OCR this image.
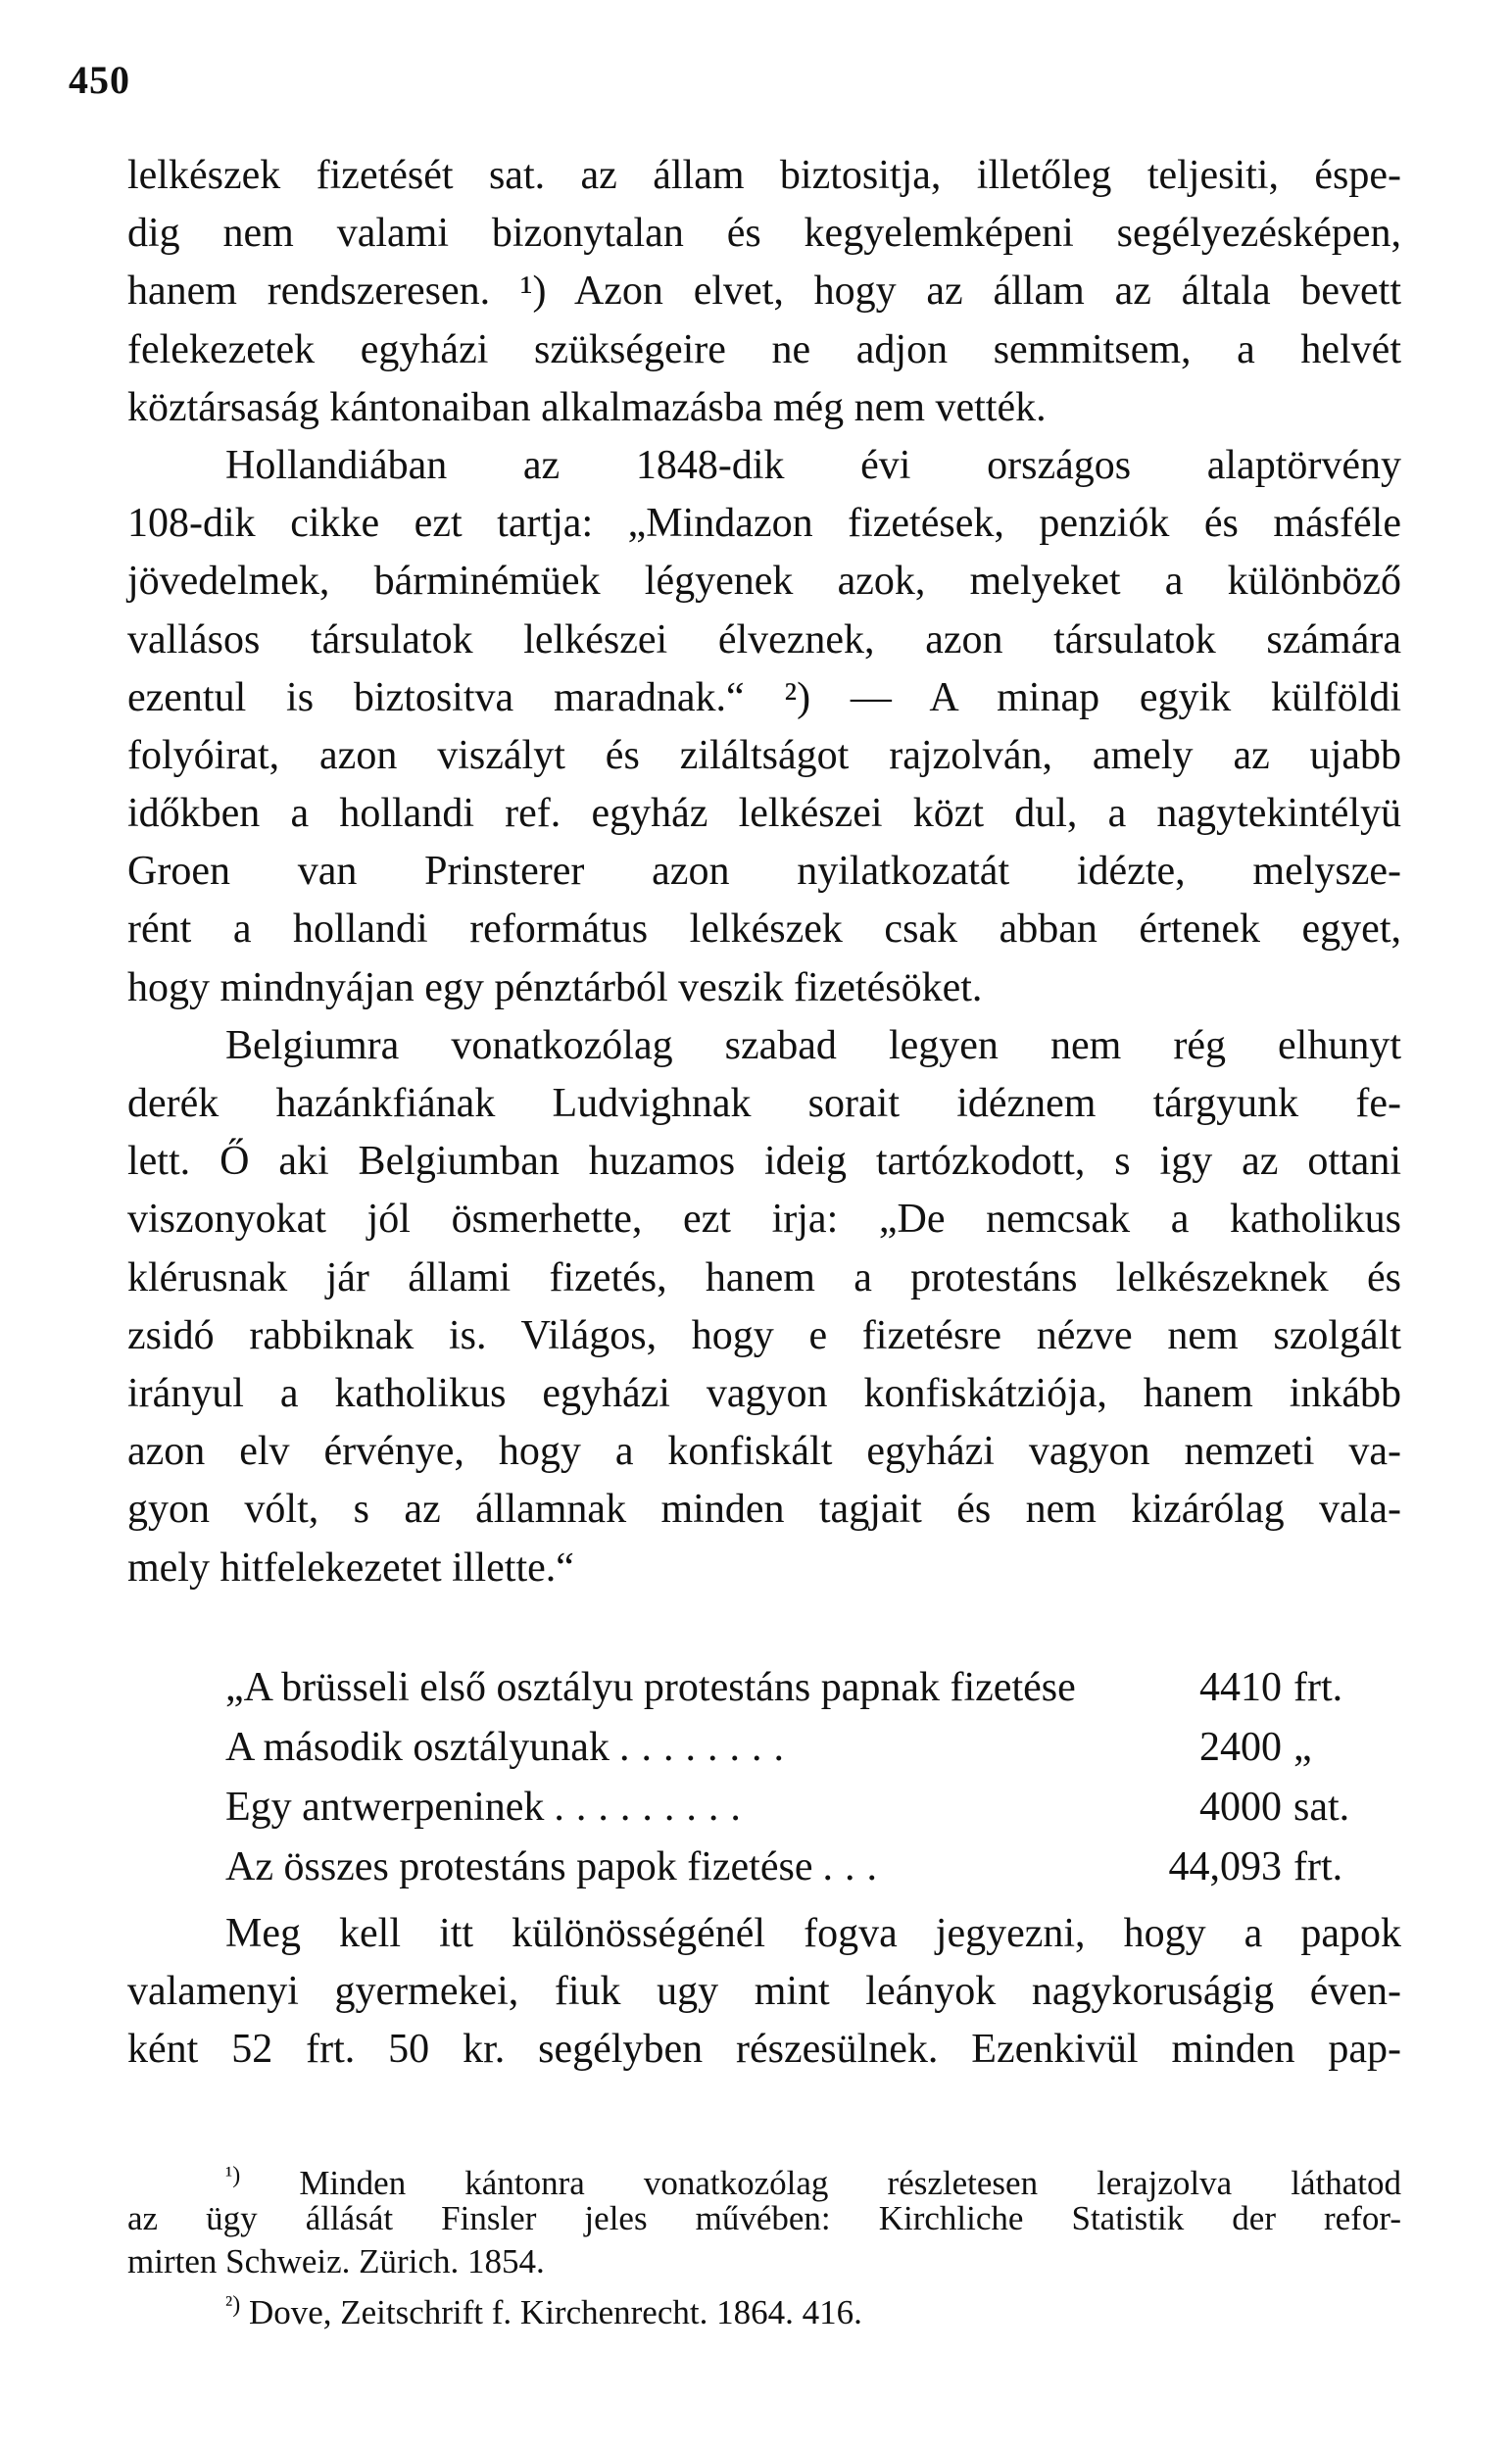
450
lelkészek fizetését sat. az állam biztositja, illetőleg teljesiti, éspe-
dig nem valami bizonytalan és kegyelemképeni segélyezésképen,
hanem rendszeresen. ¹) Azon elvet, hogy az állam az általa bevett
felekezetek egyházi szükségeire ne adjon semmitsem, a helvét
köztársaság kántonaiban alkalmazásba még nem vették.
Hollandiában az 1848-dik évi országos alaptörvény
108-dik cikke ezt tartja: „Mindazon fizetések, penziók és másféle
jövedelmek, bárminémüek légyenek azok, melyeket a különböző
vallásos társulatok lelkészei élveznek, azon társulatok számára
ezentul is biztositva maradnak.“ ²) — A minap egyik külföldi
folyóirat, azon viszályt és ziláltságot rajzolván, amely az ujabb
időkben a hollandi ref. egyház lelkészei közt dul, a nagytekintélyü
Groen van Prinsterer azon nyilatkozatát idézte, melysze-
rént a hollandi református lelkészek csak abban értenek egyet,
hogy mindnyájan egy pénztárból veszik fizetésöket.
Belgiumra vonatkozólag szabad legyen nem rég elhunyt
derék hazánkfiának Ludvighnak sorait idéznem tárgyunk fe-
lett. Ő aki Belgiumban huzamos ideig tartózkodott, s igy az ottani
viszonyokat jól ösmerhette, ezt irja: „De nemcsak a katholikus
klérusnak jár állami fizetés, hanem a protestáns lelkészeknek és
zsidó rabbiknak is. Világos, hogy e fizetésre nézve nem szolgált
irányul a katholikus egyházi vagyon konfiskátziója, hanem inkább
azon elv érvénye, hogy a konfiskált egyházi vagyon nemzeti va-
gyon vólt, s az államnak minden tagjait és nem kizárólag vala-
mely hitfelekezetet illette.“
„A brüsseli első osztályu protestáns papnak fizetése	4410 frt.
A második osztályunak ........	2400 „
Egy antwerpeninek .........	4000 sat.
Az összes protestáns papok fizetése ...	44,093 frt.
Meg kell itt különösségénél fogva jegyezni, hogy a papok
valamenyi gyermekei, fiuk ugy mint leányok nagykoruságig éven-
ként 52 frt. 50 kr. segélyben részesülnek. Ezenkivül minden pap-
$^{^1)}$ Minden kántonra vonatkozólag részletesen lerajzolva láthatod
az ügy állását Finsler jeles művében: Kirchliche Statistik der refor-
mirten Schweiz. Zürich. 1854.
$^{^2)}$ Dove, Zeitschrift f. Kirchenrecht. 1864. 416.
